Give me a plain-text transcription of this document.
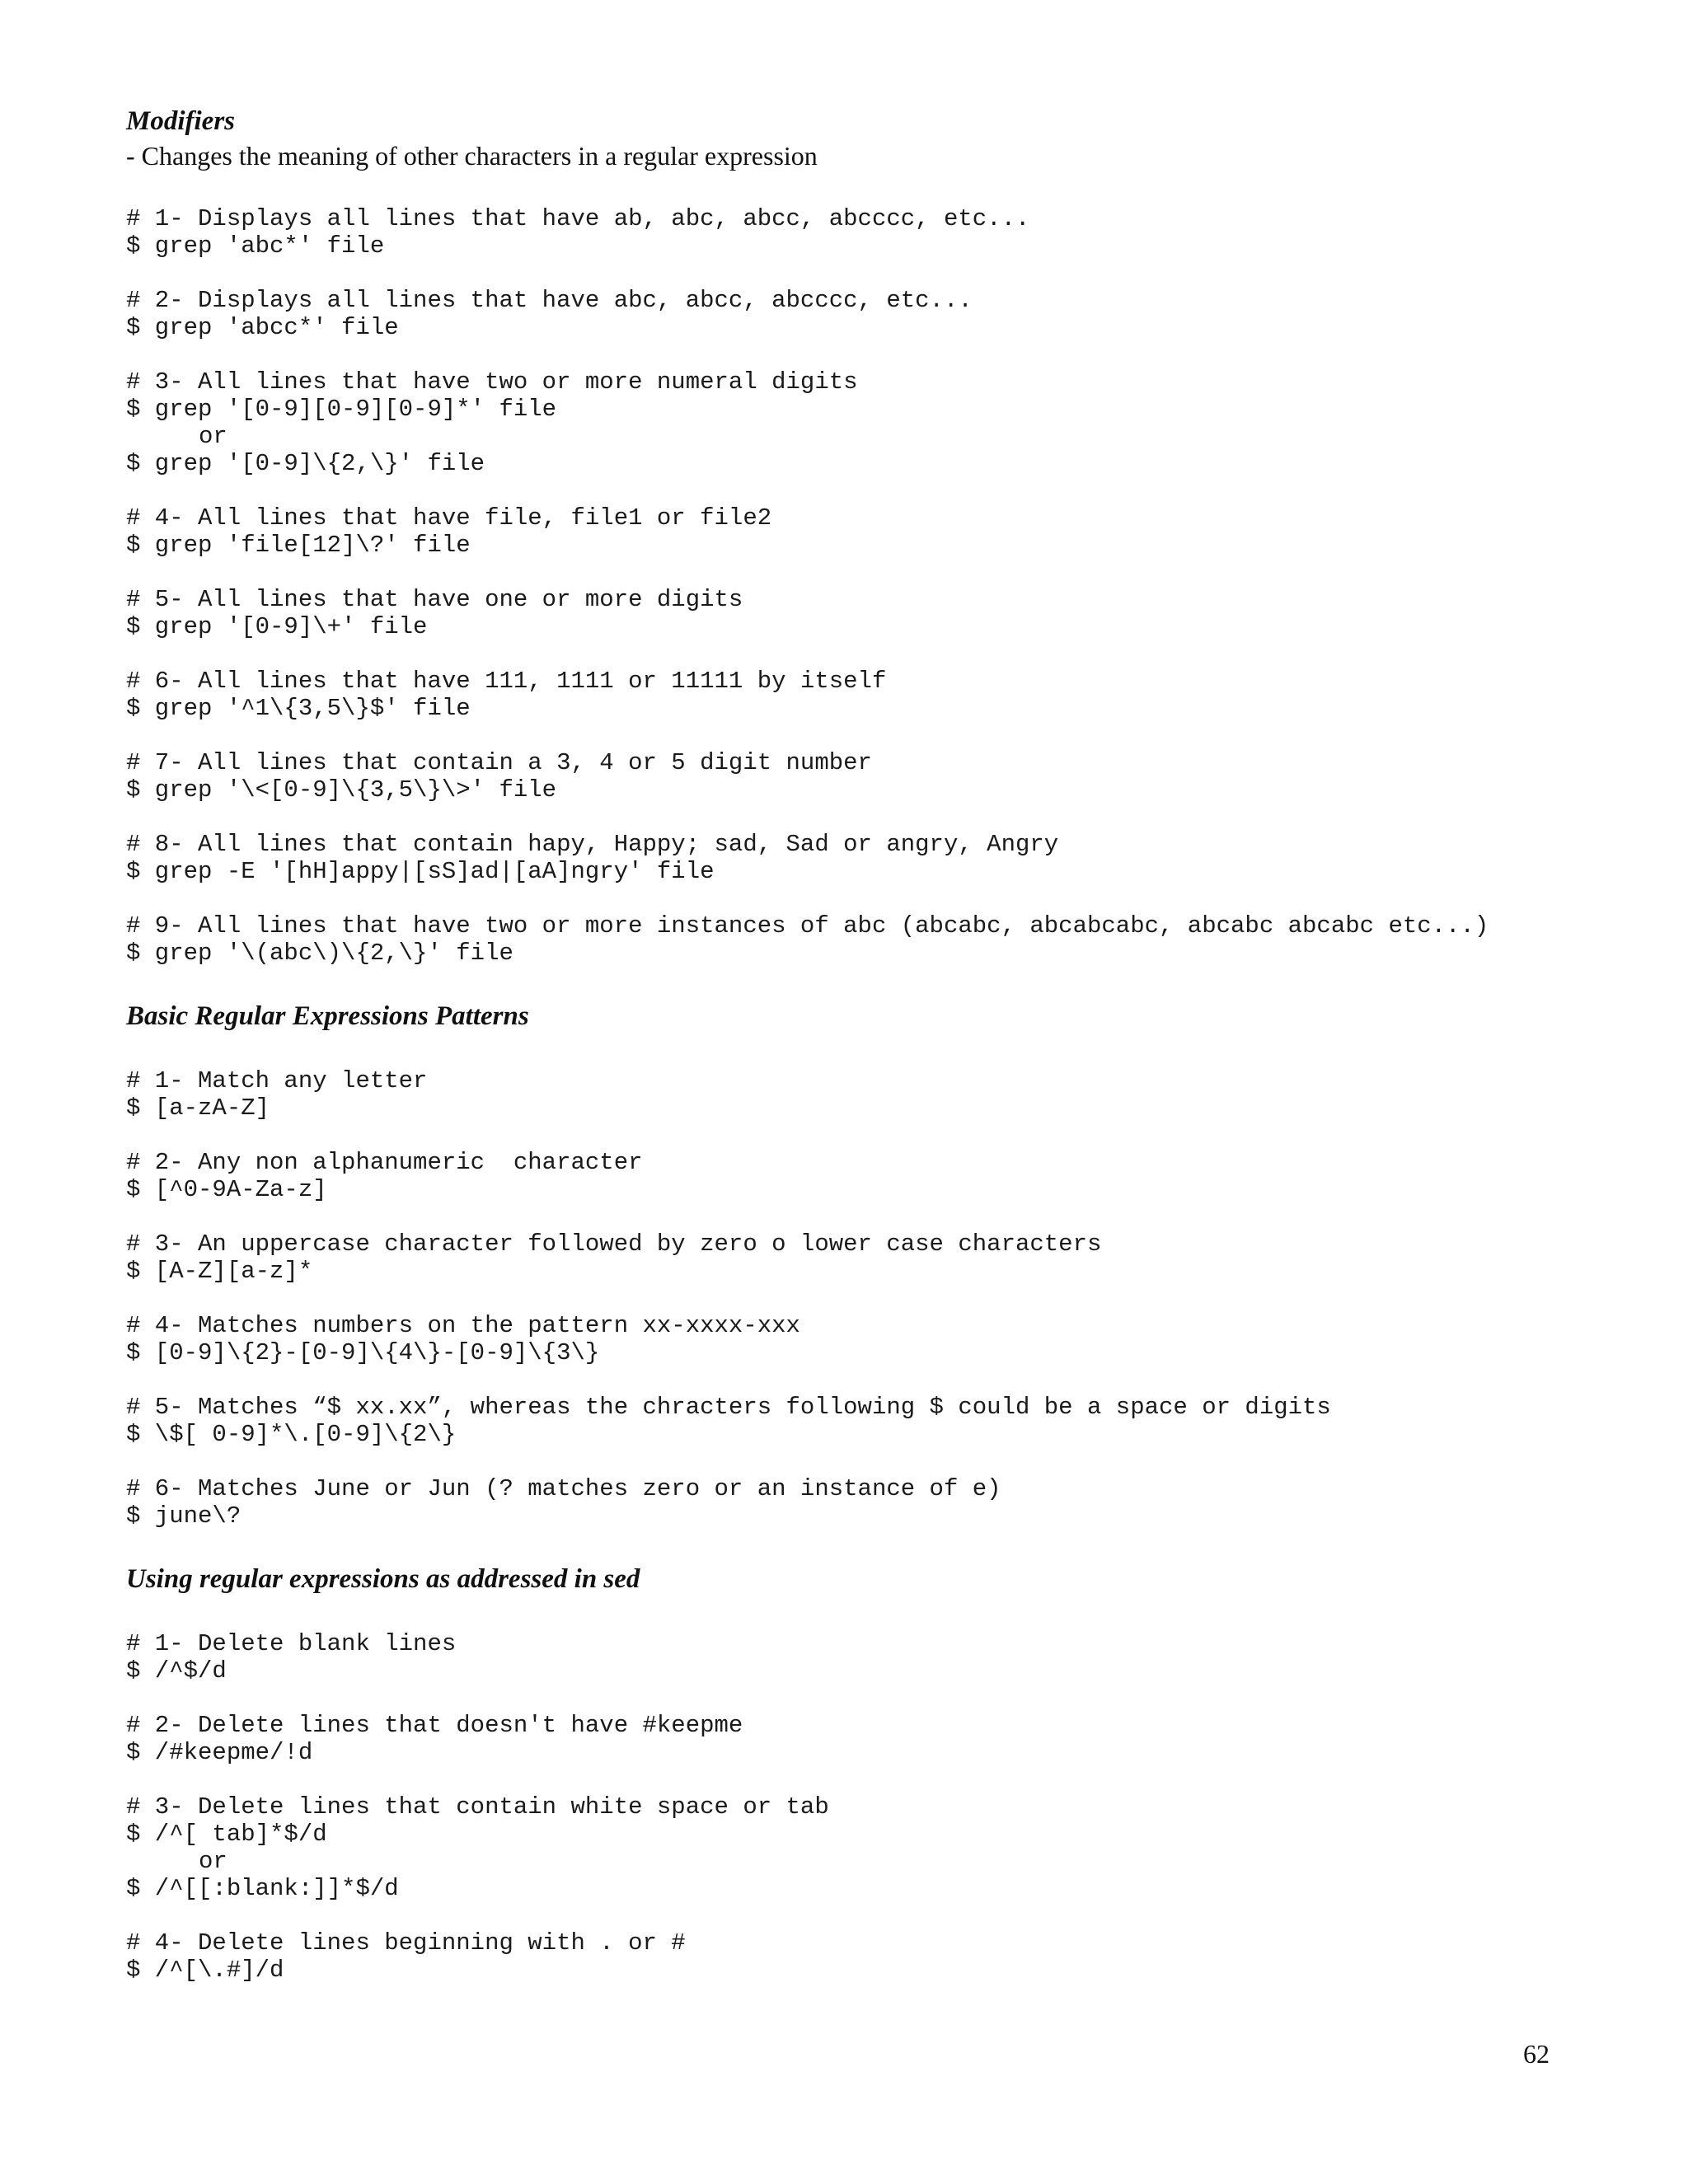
Modifiers
- Changes the meaning of other characters in a regular expression
# 1- Displays all lines that have ab, abc, abcc, abcccc, etc...
$ grep 'abc*' file
# 2- Displays all lines that have abc, abcc, abcccc, etc...
$ grep 'abcc*' file
# 3- All lines that have two or more numeral digits
$ grep '[0-9][0-9][0-9]*' file
or
$ grep '[0-9]\{2,\}' file
# 4- All lines that have file, file1 or file2
$ grep 'file[12]\?' file
# 5- All lines that have one or more digits
$ grep '[0-9]\+' file
# 6- All lines that have 111, 1111 or 11111 by itself
$ grep '^1\{3,5\}$' file
# 7- All lines that contain a 3, 4 or 5 digit number
$ grep '\<[0-9]\{3,5\}\>' file
# 8- All lines that contain hapy, Happy; sad, Sad or angry, Angry
$ grep -E '[hH]appy|[sS]ad|[aA]ngry' file
# 9- All lines that have two or more instances of abc (abcabc, abcabcabc, abcabc abcabc etc...)
$ grep '\(abc\)\{2,\}' file
Basic Regular Expressions Patterns
# 1- Match any letter
$ [a-zA-Z]
# 2- Any non alphanumeric  character
$ [^0-9A-Za-z]
# 3- An uppercase character followed by zero o lower case characters
$ [A-Z][a-z]*
# 4- Matches numbers on the pattern xx-xxxx-xxx
$ [0-9]\{2}-[0-9]\{4\}-[0-9]\{3\}
# 5- Matches “$ xx.xx”, whereas the chracters following $ could be a space or digits
$ \$[ 0-9]*\.[0-9]\{2\}
# 6- Matches June or Jun (? matches zero or an instance of e)
$ june\?
Using regular expressions as addressed in sed
# 1- Delete blank lines
$ /^$/d
# 2- Delete lines that doesn't have #keepme
$ /#keepme/!d
# 3- Delete lines that contain white space or tab
$ /^[ tab]*$/d
or
$ /^[[:blank:]]*$/d
# 4- Delete lines beginning with . or #
$ /^[\.#]/d
62
